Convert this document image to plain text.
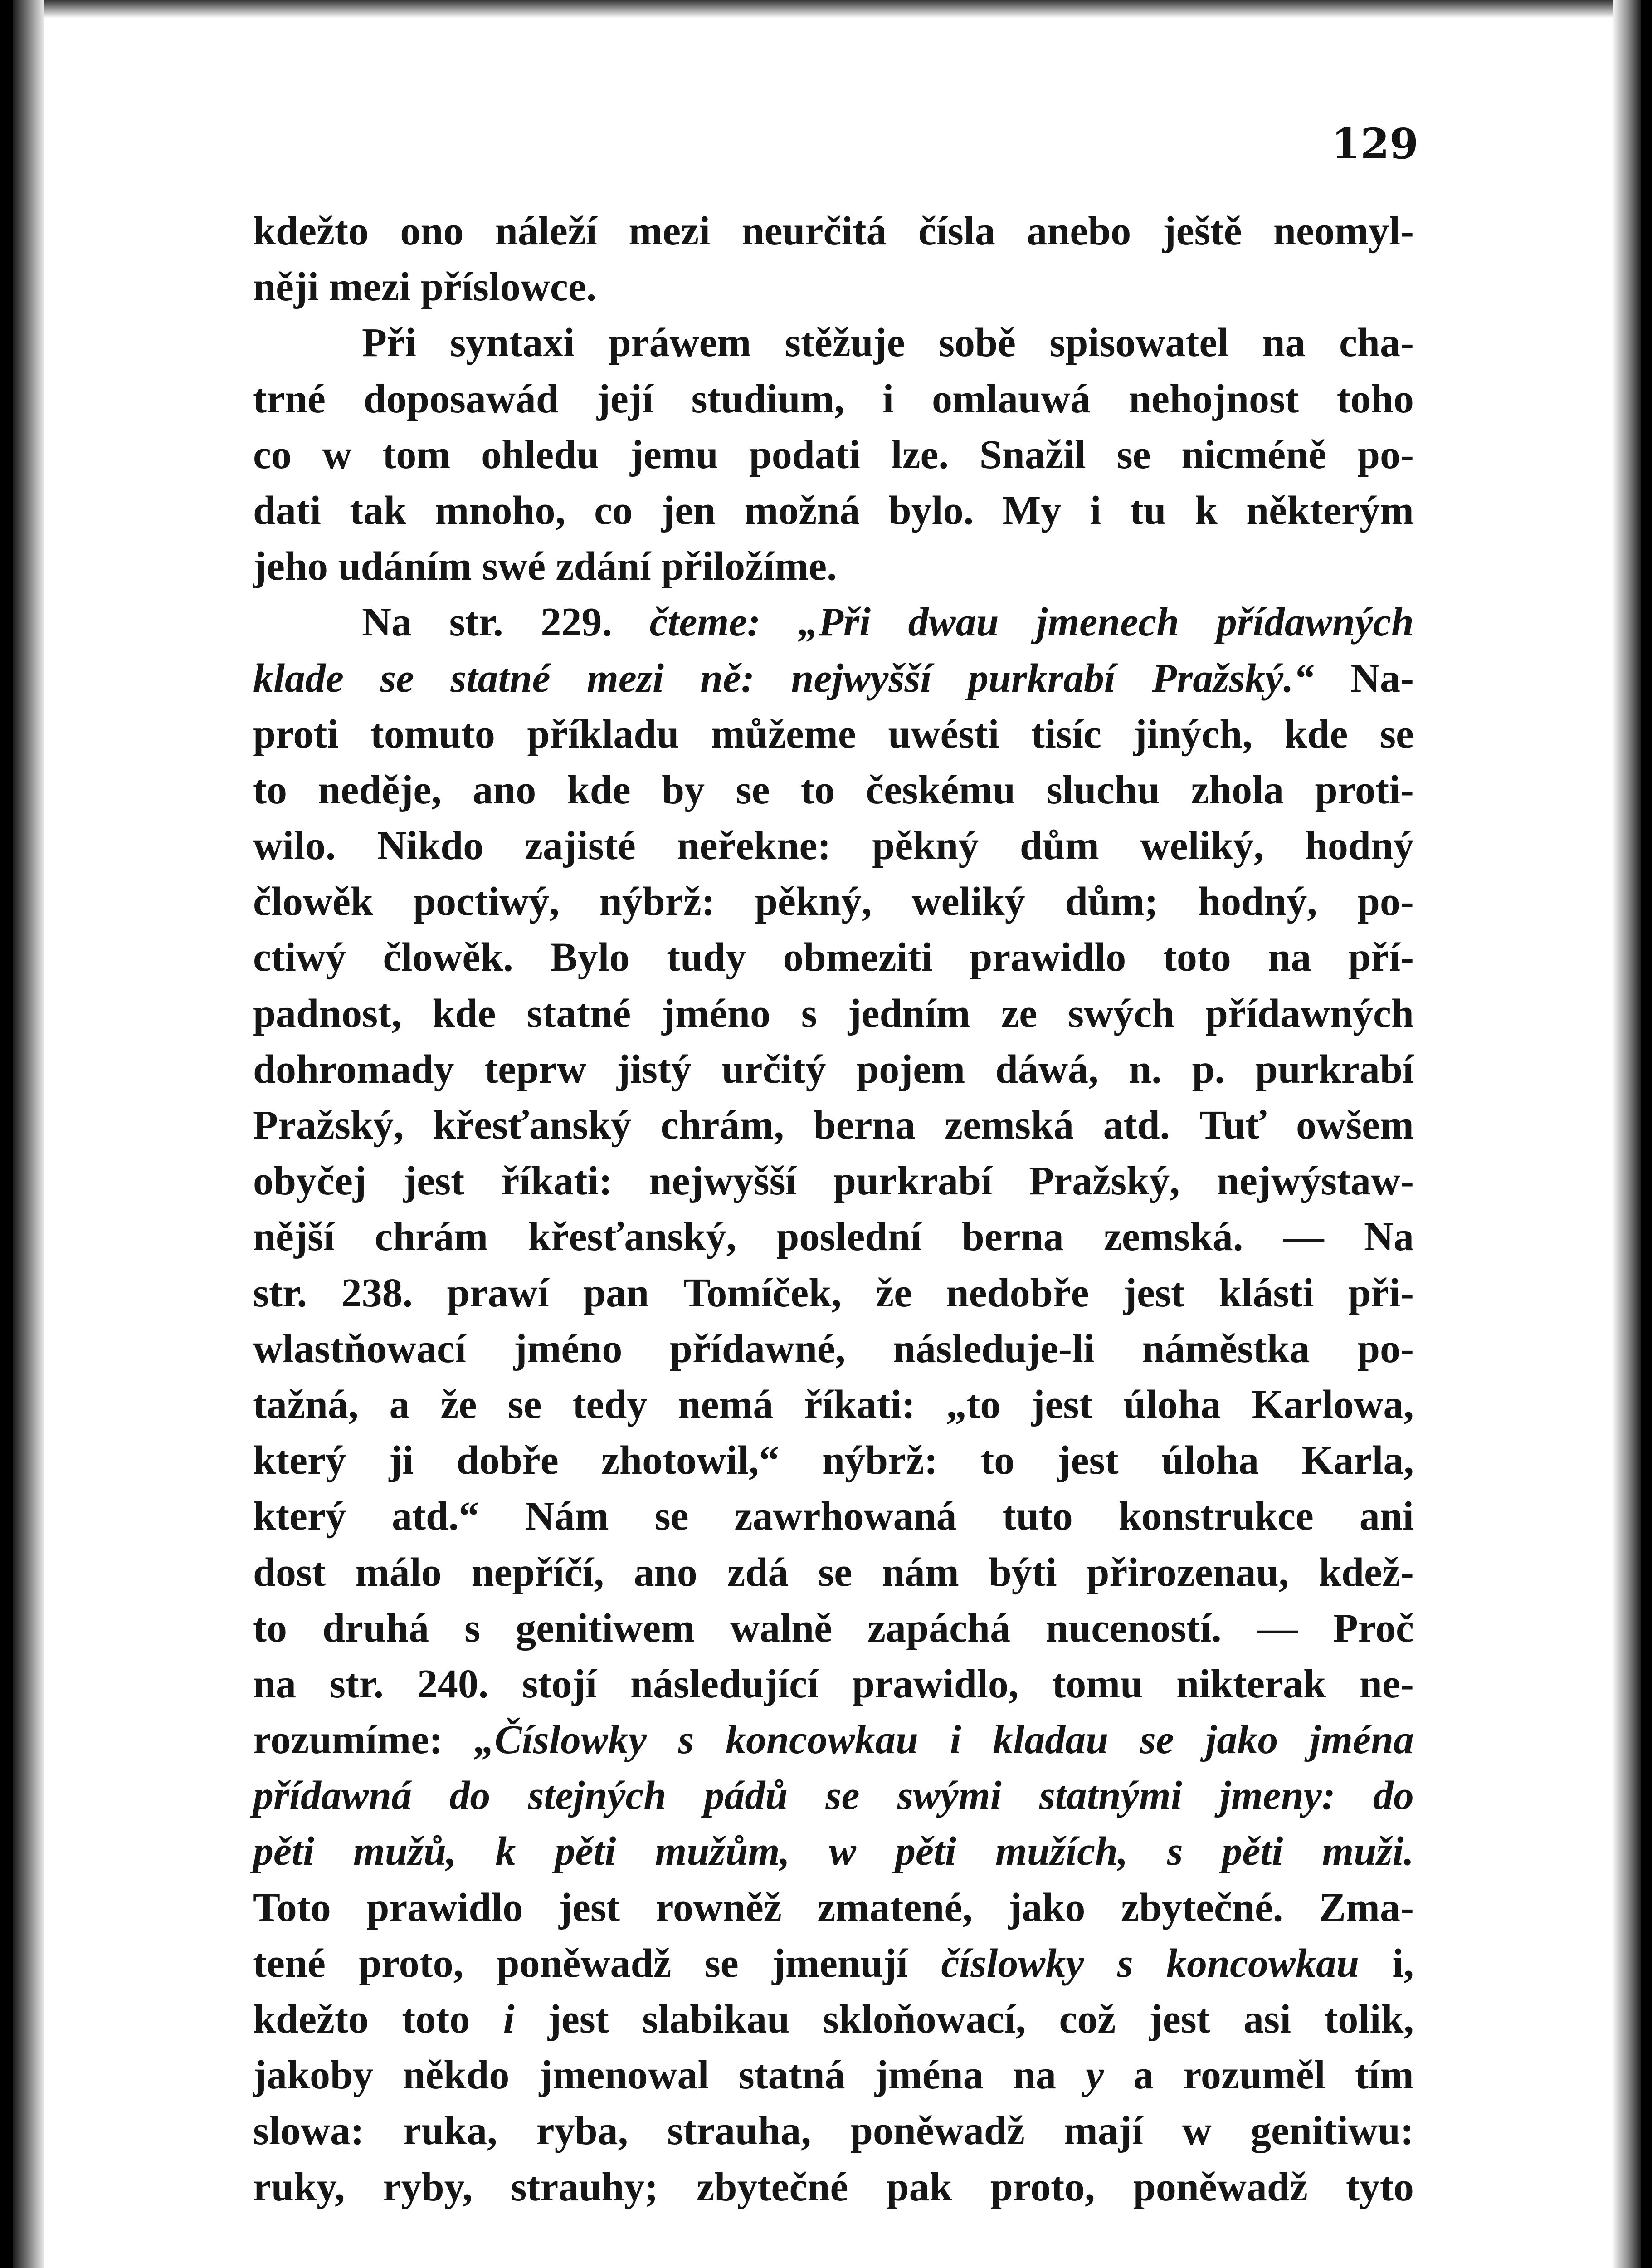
129
kdežto ono náleží mezi neurčitá čísla anebo ještě neomyl-
něji
mezi
příslowce.
Při syntaxi práwem stěžuje sobě spisowatel na cha-
trné doposawád její studium, i omlauwá nehojnost toho
co w tom ohledu jemu podati lze. Snažil se nicméně po-
dati tak mnoho, co jen možná bylo. My i tu k některým
jeho
udáním
swé
zdání
přiložíme.
Na str. 229. čteme: „Při dwau jmenech přídawných
klade se statné mezi ně: nejwyšší purkrabí Pražský.“ Na-
proti tomuto příkladu můžeme uwésti tisíc jiných, kde se
to neděje, ano kde by se to českému sluchu zhola proti-
wilo. Nikdo zajisté neřekne: pěkný dům weliký, hodný
člowěk poctiwý, nýbrž: pěkný, weliký dům; hodný, po-
ctiwý člowěk. Bylo tudy obmeziti prawidlo toto na pří-
padnost, kde statné jméno s jedním ze swých přídawných
dohromady teprw jistý určitý pojem dáwá, n. p. purkrabí
Pražský, křesťanský chrám, berna zemská atd. Tuť owšem
obyčej jest říkati: nejwyšší purkrabí Pražský, nejwýstaw-
nější chrám křesťanský, poslední berna zemská. — Na
str. 238. prawí pan Tomíček, že nedobře jest klásti při-
wlastňowací jméno přídawné, následuje-li náměstka po-
tažná, a že se tedy nemá říkati: „to jest úloha Karlowa,
který ji dobře zhotowil,“ nýbrž: to jest úloha Karla,
který atd.“ Nám se zawrhowaná tuto konstrukce ani
dost málo nepříčí, ano zdá se nám býti přirozenau, kdež-
to druhá s genitiwem walně zapáchá nuceností. — Proč
na str. 240. stojí následující prawidlo, tomu nikterak ne-
rozumíme: „Číslowky s koncowkau i kladau se jako jména
přídawná do stejných pádů se swými statnými jmeny: do
pěti mužů, k pěti mužům, w pěti mužích, s pěti muži.
Toto prawidlo jest rowněž zmatené, jako zbytečné. Zma-
tené proto, poněwadž se jmenují číslowky s koncowkau i,
kdežto toto i jest slabikau skloňowací, což jest asi tolik,
jakoby někdo jmenowal statná jména na y a rozuměl tím
slowa: ruka, ryba, strauha, poněwadž mají w genitiwu:
ruky, ryby, strauhy; zbytečné pak proto, poněwadž tyto
